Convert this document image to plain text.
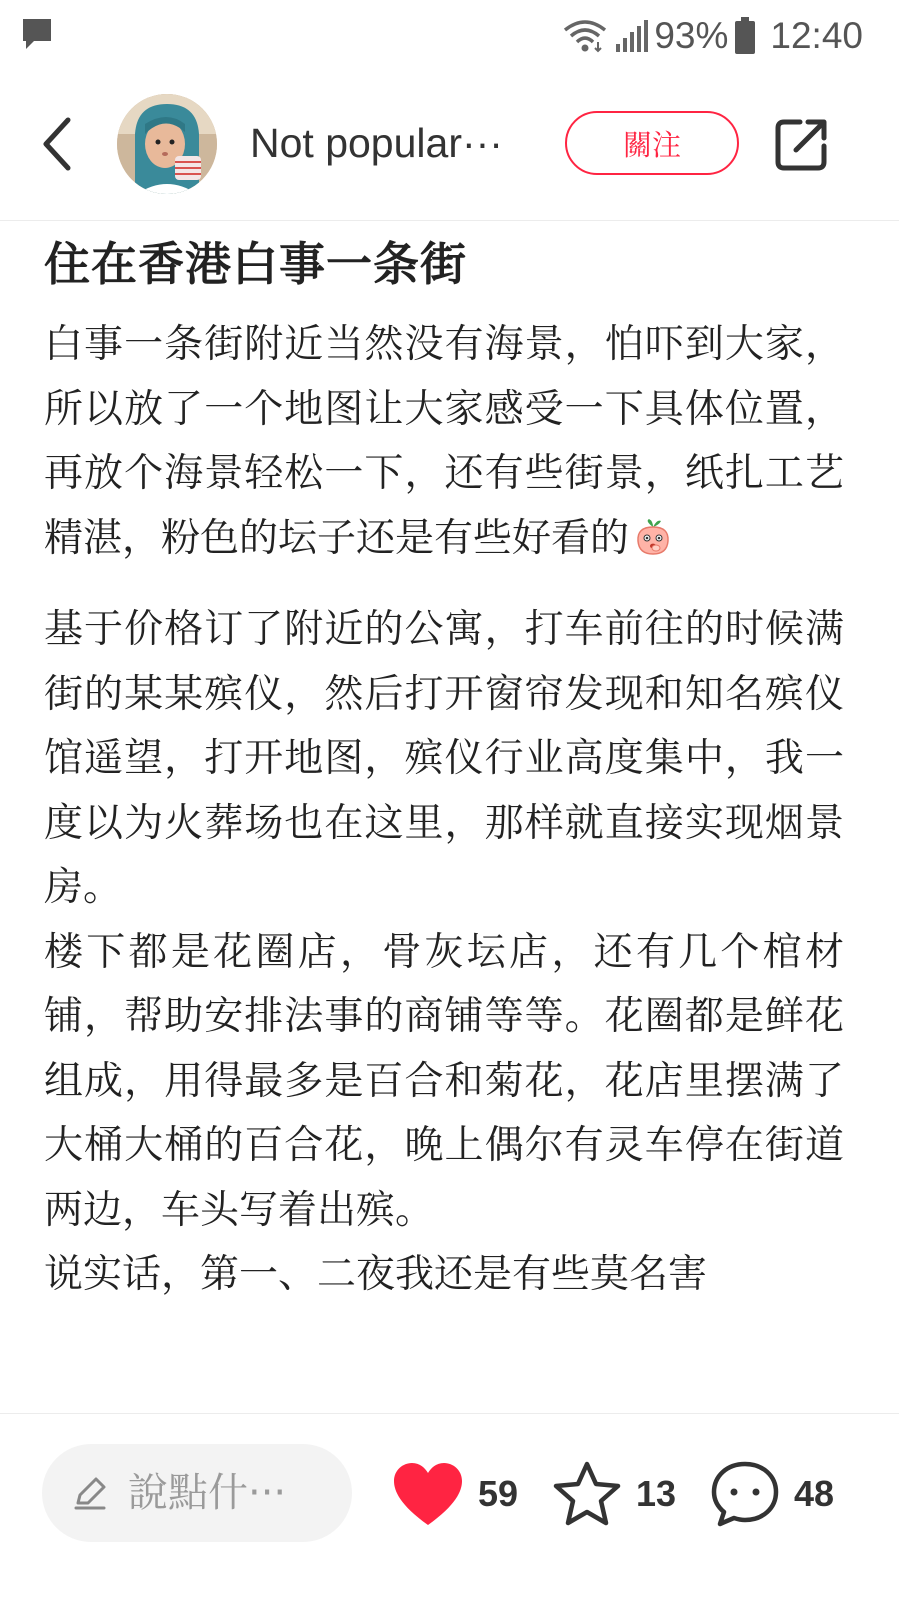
93% 12:40
Not popular···	關注
住在香港白事一条街

白事一条街附近当然没有海景，怕吓到大家，所以放了一个地图让大家感受一下具体位置，再放个海景轻松一下，还有些街景，纸扎工艺精湛，粉色的坛子还是有些好看的

基于价格订了附近的公寓，打车前往的时候满街的某某殡仪，然后打开窗帘发现和知名殡仪馆遥望，打开地图，殡仪行业高度集中，我一度以为火葬场也在这里，那样就直接实现烟景房。

楼下都是花圈店，骨灰坛店，还有几个棺材铺，帮助安排法事的商铺等等。花圈都是鲜花组成，用得最多是百合和菊花，花店里摆满了大桶大桶的百合花，晚上偶尔有灵车停在街道两边，车头写着出殡。

说实话，第一、二夜我还是有些莫名害

說點什···	59	13	48
